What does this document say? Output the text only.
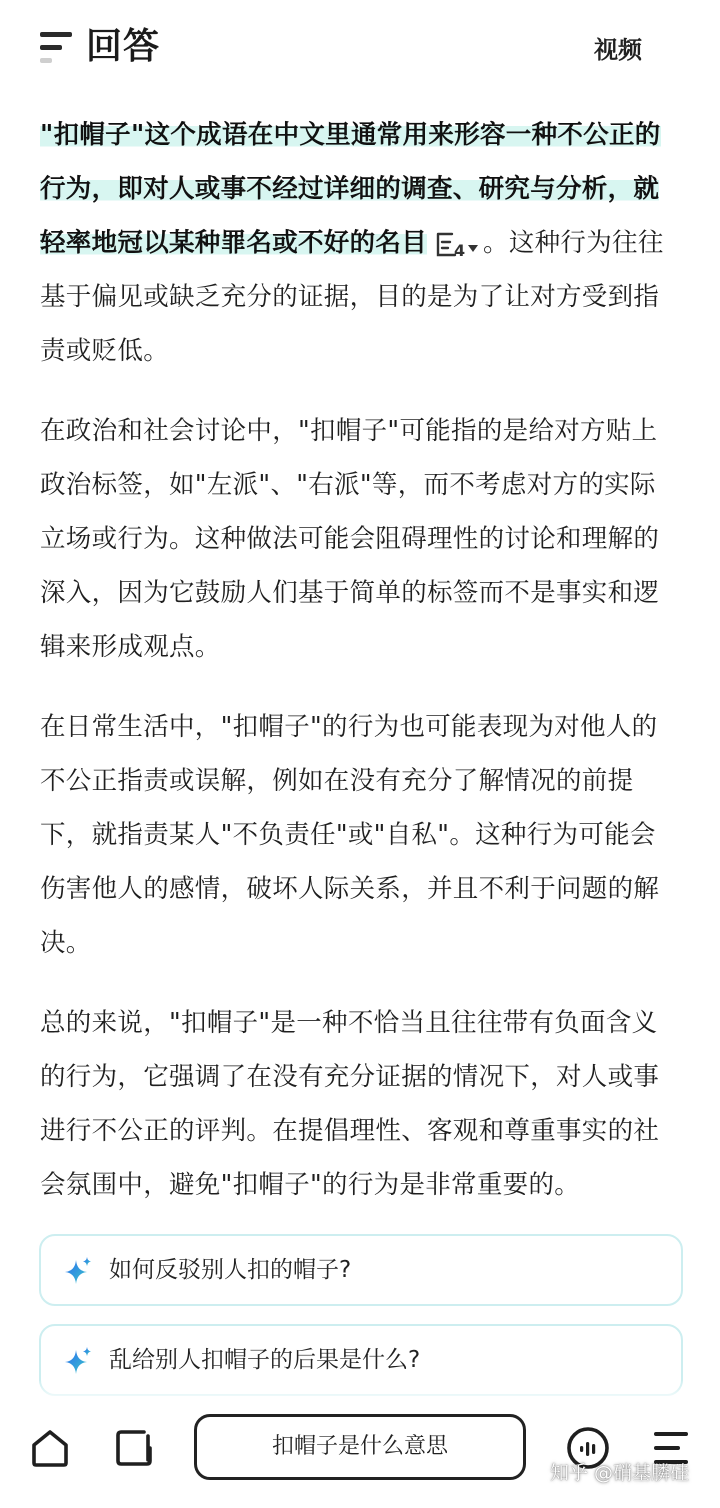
回答	视频

"扣帽子"这个成语在中文里通常用来形容一种不公正的行为，即对人或事不经过详细的调查、研究与分析，就轻率地冠以某种罪名或不好的名目 4 。这种行为往往基于偏见或缺乏充分的证据，目的是为了让对方受到指责或贬低。

在政治和社会讨论中，"扣帽子"可能指的是给对方贴上政治标签，如"左派"、"右派"等，而不考虑对方的实际立场或行为。这种做法可能会阻碍理性的讨论和理解的深入，因为它鼓励人们基于简单的标签而不是事实和逻辑来形成观点。

在日常生活中，"扣帽子"的行为也可能表现为对他人的不公正指责或误解，例如在没有充分了解情况的前提下，就指责某人"不负责任"或"自私"。这种行为可能会伤害他人的感情，破坏人际关系，并且不利于问题的解决。

总的来说，"扣帽子"是一种不恰当且往往带有负面含义的行为，它强调了在没有充分证据的情况下，对人或事进行不公正的评判。在提倡理性、客观和尊重事实的社会氛围中，避免"扣帽子"的行为是非常重要的。

如何反驳别人扣的帽子?
乱给别人扣帽子的后果是什么?
扣帽子是什么意思
知乎 @硝基膦硅
